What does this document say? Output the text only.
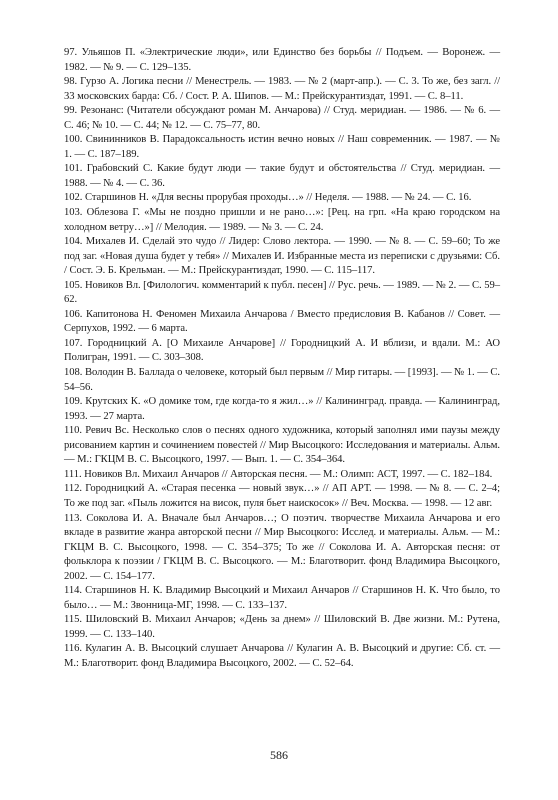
97. Ульяшов П. «Электрические люди», или Единство без борьбы // Подъем. — Воронеж. — 1982. — № 9. — С. 129–135.

98. Гурзо А. Логика песни // Менестрель. — 1983. — № 2 (март-апр.). — С. 3. То же, без загл. // 33 московских барда: Сб. / Сост. Р. А. Шипов. — М.: Прейскурантиздат, 1991. — С. 8–11.

99. Резонанс: (Читатели обсуждают роман М. Анчарова) // Студ. меридиан. — 1986. — № 6. — С. 46; № 10. — С. 44; № 12. — С. 75–77, 80.

100. Свининников В. Парадоксальность истин вечно новых // Наш современник. — 1987. — № 1. — С. 187–189.

101. Грабовский С. Какие будут люди — такие будут и обстоятельства // Студ. меридиан. — 1988. — № 4. — С. 36.

102. Старшинов Н. «Для весны прорубая проходы…» // Неделя. — 1988. — № 24. — С. 16.

103. Облезова Г. «Мы не поздно пришли и не рано…»: [Рец. на грп. «На краю городском на холодном ветру…»] // Мелодия. — 1989. — № 3. — С. 24.

104. Михалев И. Сделай это чудо // Лидер: Слово лектора. — 1990. — № 8. — С. 59–60; То же под заг. «Новая душа будет у тебя» // Михалев И. Избранные места из переписки с друзьями: Сб. / Сост. Э. Б. Крельман. — М.: Прейскурантиздат, 1990. — С. 115–117.

105. Новиков Вл. [Филологич. комментарий к публ. песен] // Рус. речь. — 1989. — № 2. — С. 59–62.

106. Капитонова Н. Феномен Михаила Анчарова / Вместо предисловия В. Кабанов // Совет. — Серпухов, 1992. — 6 марта.

107. Городницкий А. [О Михаиле Анчарове] // Городницкий А. И вблизи, и вдали. М.: АО Полигран, 1991. — С. 303–308.

108. Володин В. Баллада о человеке, который был первым // Мир гитары. — [1993]. — № 1. — С. 54–56.

109. Крутских К. «О домике том, где когда-то я жил…» // Калининград. правда. — Калининград, 1993. — 27 марта.

110. Ревич Вс. Несколько слов о песнях одного художника, который заполнял ими паузы между рисованием картин и сочинением повестей // Мир Высоцкого: Исследования и материалы. Альм. — М.: ГКЦМ В. С. Высоцкого, 1997. — Вып. 1. — С. 354–364.

111. Новиков Вл. Михаил Анчаров // Авторская песня. — М.: Олимп: АСТ, 1997. — С. 182–184.

112. Городницкий А. «Старая песенка — новый звук…» // АП АРТ. — 1998. — № 8. — С. 2–4; То же под заг. «Пыль ложится на висок, пуля бьет наискосок» // Веч. Москва. — 1998. — 12 авг.

113. Соколова И. А. Вначале был Анчаров…; О поэтич. творчестве Михаила Анчарова и его вкладе в развитие жанра авторской песни // Мир Высоцкого: Исслед. и материалы. Альм. — М.: ГКЦМ В. С. Высоцкого, 1998. — С. 354–375; То же // Соколова И. А. Авторская песня: от фольклора к поэзии / ГКЦМ В. С. Высоцкого. — М.: Благотворит. фонд Владимира Высоцкого, 2002. — С. 154–177.

114. Старшинов Н. К. Владимир Высоцкий и Михаил Анчаров // Старшинов Н. К. Что было, то было… — М.: Звонница-МГ, 1998. — С. 133–137.

115. Шиловский В. Михаил Анчаров; «День за днем» // Шиловский В. Две жизни. М.: Рутена, 1999. — С. 133–140.

116. Кулагин А. В. Высоцкий слушает Анчарова // Кулагин А. В. Высоцкий и другие: Сб. ст. — М.: Благотворит. фонд Владимира Высоцкого, 2002. — С. 52–64.

586
